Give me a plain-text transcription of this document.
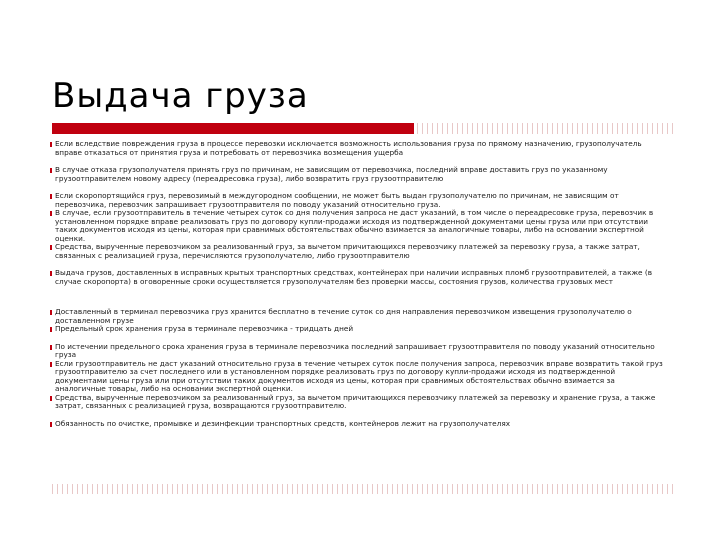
Выдача груза

Если вследствие повреждения груза в процессе перевозки исключается возможность использования груза по прямому назначению, грузополучатель вправе отказаться от принятия груза и потребовать от перевозчика возмещения ущерба

В случае отказа грузополучателя принять груз по причинам, не зависящим от перевозчика, последний вправе доставить груз по указанному грузоотправителем новому адресу (переадресовка груза), либо возвратить груз грузоотправителю

Если скоропортящийся груз, перевозимый в междугородном сообщении, не может быть выдан грузополучателю по причинам, не зависящим от перевозчика, перевозчик запрашивает грузоотправителя по поводу указаний относительно груза.

В случае, если грузоотправитель в течение четырех суток со дня получения запроса не даст указаний, в том числе о переадресовке груза, перевозчик в установленном порядке вправе реализовать груз по договору купли-продажи исходя из подтвержденной документами цены груза или при отсутствии таких документов исходя из цены, которая при сравнимых обстоятельствах обычно взимается за аналогичные товары, либо на основании экспертной оценки.

Средства, вырученные перевозчиком за реализованный груз, за вычетом причитающихся перевозчику платежей за перевозку груза, а также затрат, связанных с реализацией груза, перечисляются грузополучателю, либо грузоотправителю

Выдача грузов, доставленных в исправных крытых транспортных средствах, контейнерах при наличии исправных пломб грузоотправителей, а также (в случае скоропорта) в оговоренные сроки осуществляется грузополучателям без проверки массы, состояния грузов, количества грузовых мест

Доставленный в терминал перевозчика груз хранится бесплатно в течение суток со дня направления перевозчиком извещения грузополучателю о доставленном грузе

Предельный срок хранения груза в терминале перевозчика - тридцать дней

По истечении предельного срока хранения груза в терминале перевозчика последний запрашивает грузоотправителя по поводу указаний относительно груза

Если грузоотправитель не даст указаний относительно груза в течение четырех суток после получения запроса, перевозчик вправе возвратить такой груз грузоотправителю за счет последнего или в установленном порядке реализовать груз по договору купли-продажи исходя из подтвержденной документами цены груза или при отсутствии таких документов исходя из цены, которая при сравнимых обстоятельствах обычно взимается за аналогичные товары, либо на основании экспертной оценки.

Средства, вырученные перевозчиком за реализованный груз, за вычетом причитающихся перевозчику платежей за перевозку и хранение груза, а также затрат, связанных с реализацией груза, возвращаются грузоотправителю.

Обязанность по очистке, промывке и дезинфекции транспортных средств, контейнеров лежит на грузополучателях
